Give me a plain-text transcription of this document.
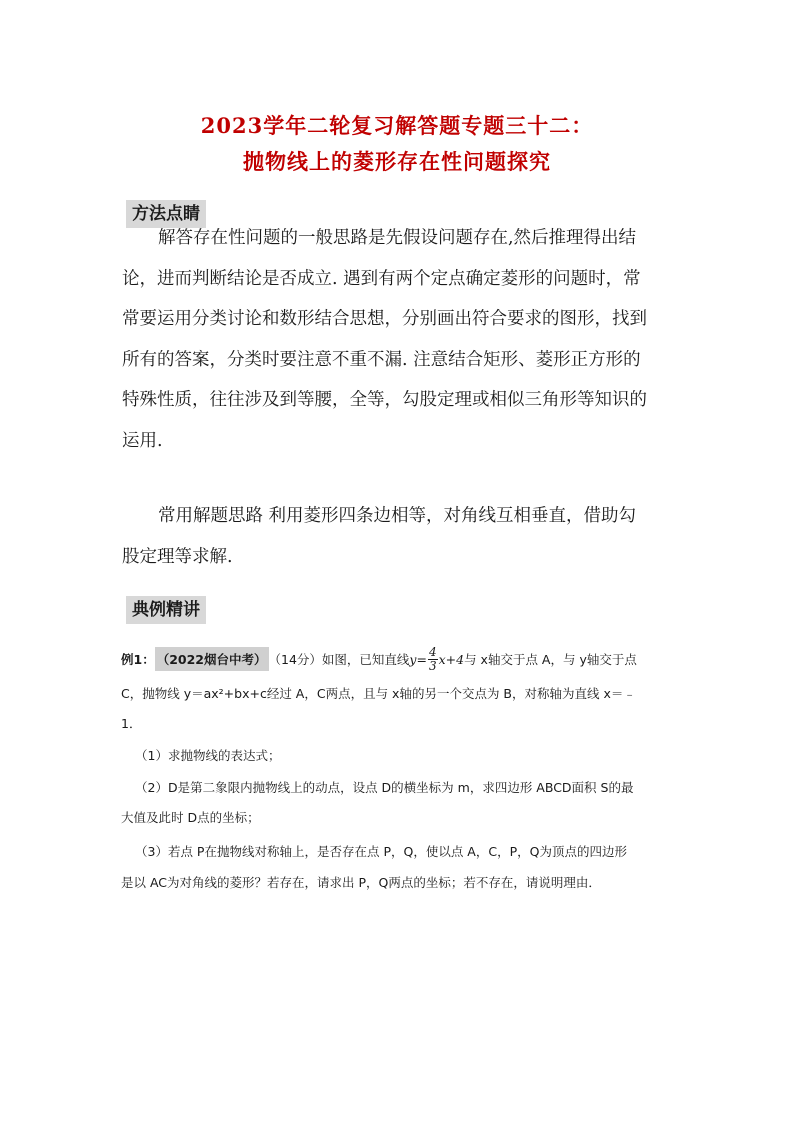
2023学年二轮复习解答题专题三十二：
抛物线上的菱形存在性问题探究
方法点睛
解答存在性问题的一般思路是先假设问题存在,然后推理得出结
论，进而判断结论是否成立. 遇到有两个定点确定菱形的问题时，常
常要运用分类讨论和数形结合思想，分别画出符合要求的图形，找到
所有的答案，分类时要注意不重不漏. 注意结合矩形、菱形正方形的
特殊性质，往往涉及到等腰，全等，勾股定理或相似三角形等知识的
运用.
常用解题思路 利用菱形四条边相等，对角线互相垂直，借助勾
股定理等求解.
典例精讲
例1： （2022烟台中考） （14分）如图，已知直线 $y= \frac{4}{3} x+4$ 与 x轴交于点 A，与 y轴交于点
C，抛物线 y＝ax²+bx+c经过 A，C两点，且与 x轴的另一个交点为 B，对称轴为直线 x＝﹣
1．
（1）求抛物线的表达式；
（2）D是第二象限内抛物线上的动点，设点 D的横坐标为 m，求四边形 ABCD面积 S的最
大值及此时 D点的坐标；
（3）若点 P在抛物线对称轴上，是否存在点 P，Q，使以点 A，C，P，Q为顶点的四边形
是以 AC为对角线的菱形？若存在，请求出 P，Q两点的坐标；若不存在，请说明理由．
